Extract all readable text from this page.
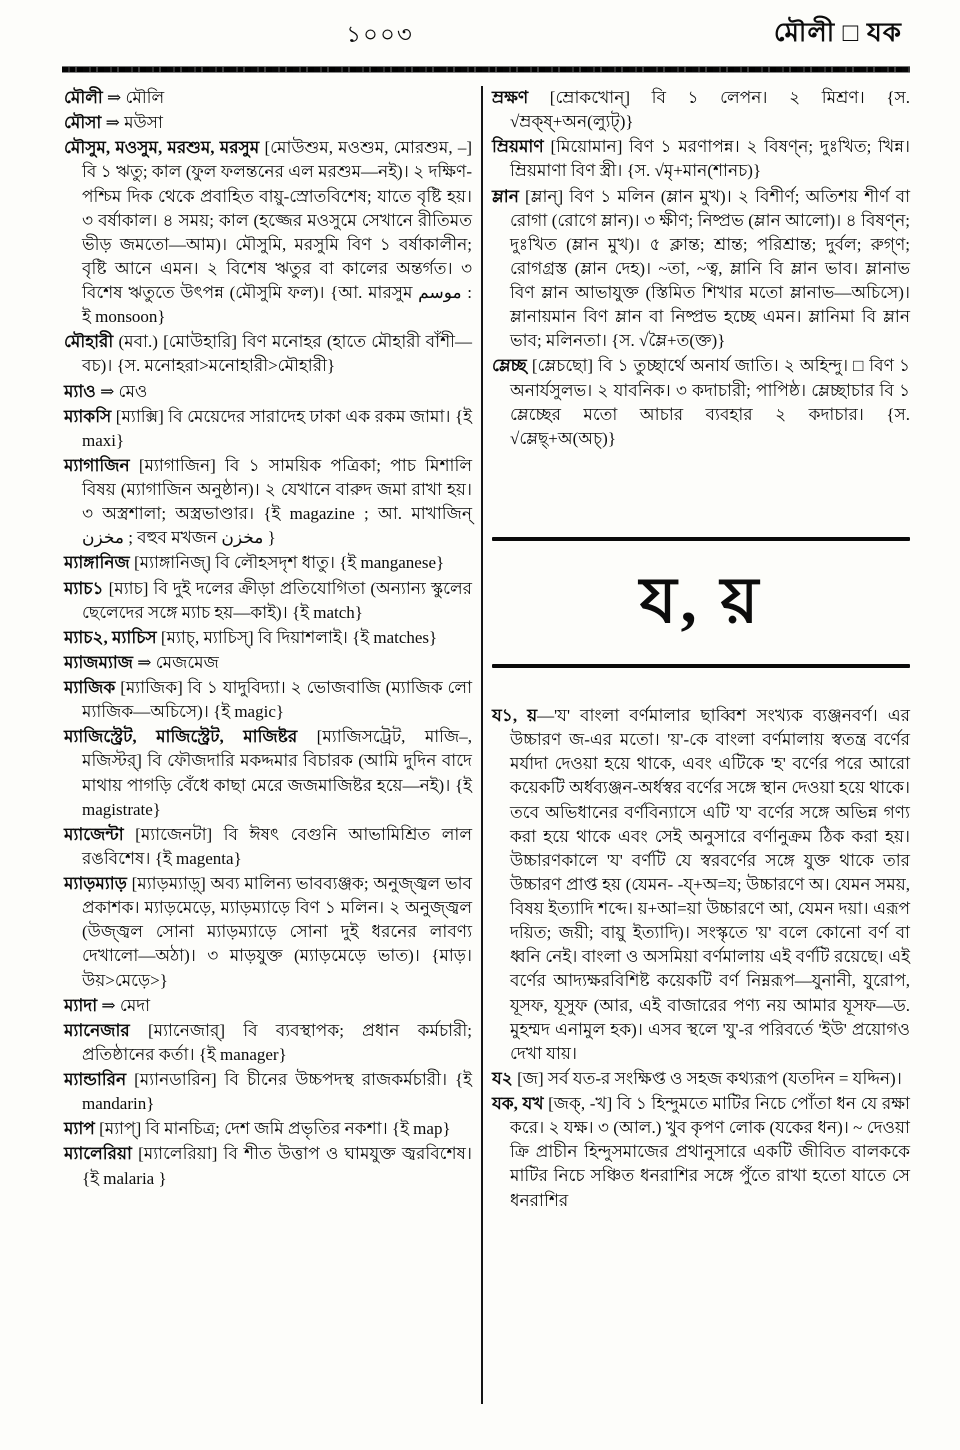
১০০৩	মৌলী □ যক
মৌলী ⇒ মৌলি
মৌসা ⇒ মউসা
মৌসুম, মওসুম, মরশুম, মরসুম [মোউশুম, মওশুম, মোরশুম, –] বি ১ ঋতু; কাল (ফুল ফলন্তনের এল মরশুম—নই)। ২ দক্ষিণ-পশ্চিম দিক থেকে প্রবাহিত বায়ু-স্রোতবিশেষ; যাতে বৃষ্টি হয়। ৩ বর্ষাকাল। ৪ সময়; কাল (হজ্জের মওসুমে সেখানে রীতিমত ভীড় জমতো—আম)। মৌসুমি, মরসুমি বিণ ১ বর্ষাকালীন; বৃষ্টি আনে এমন। ২ বিশেষ ঋতুর বা কালের অন্তর্গত। ৩ বিশেষ ঋতুতে উৎপন্ন (মৌসুমি ফল)। {আ. মারসুম موسم : ই monsoon}
মৌহারী (মবা.) [মোউহারি] বিণ মনোহর (হাতে মৌহারী বাঁশী—বচ)। {স. মনোহরা>মনোহারী>মৌহারী}
ম্যাও ⇒ মেও
ম্যাকসি [ম্যাক্সি] বি মেয়েদের সারাদেহ ঢাকা এক রকম জামা। {ই maxi}
ম্যাগাজিন [ম্যাগাজিন] বি ১ সাময়িক পত্রিকা; পাচ মিশালি বিষয় (ম্যাগাজিন অনুষ্ঠান)। ২ যেখানে বারুদ জমা রাখা হয়। ৩ অস্ত্রশালা; অস্ত্রভাণ্ডার। {ই magazine ; আ. মাখাজিন্ مخزن ; বহুব মখজন مخزن }
ম্যাঙ্গানিজ [ম্যাঙ্গানিজ্] বি লৌহসদৃশ ধাতু। {ই manganese}
ম্যাচ১ [ম্যাচ] বি দুই দলের ক্রীড়া প্রতিযোগিতা (অন্যান্য স্কুলের ছেলেদের সঙ্গে ম্যাচ হয়—কাই)। {ই match}
ম্যাচ২, ম্যাচিস [ম্যাচ্, ম্যাচিস্] বি দিয়াশলাই। {ই matches}
ম্যাজম্যাজ ⇒ মেজমেজ
ম্যাজিক [ম্যাজিক] বি ১ যাদুবিদ্যা। ২ ভোজবাজি (ম্যাজিক লো ম্যাজিক—অচিসে)। {ই magic}
ম্যাজিস্ট্রেট, মাজিস্ট্রেট, মাজিষ্টর [ম্যাজিসট্রেট, মাজি–, মজিস্টর্] বি ফৌজদারি মকদ্দমার বিচারক (আমি দুদিন বাদে মাথায় পাগড়ি বেঁধে কাছা মেরে জজমাজিষ্টর হয়ে—নই)। {ই magistrate}
ম্যাজেন্টা [ম্যাজেনটা] বি ঈষৎ বেগুনি আভামিশ্রিত লাল রঙবিশেষ। {ই magenta}
ম্যাড়ম্যাড় [ম্যাড়ম্যাড়্] অব্য মালিন্য ভাবব্যঞ্জক; অনুজ্জ্বল ভাব প্রকাশক। ম্যাড়মেড়ে, ম্যাড়ম্যাড়ে বিণ ১ মলিন। ২ অনুজ্জ্বল (উজ্জ্বল সোনা ম্যাড়ম্যাড়ে সোনা দুই ধরনের লাবণ্য দেখালো—অঠা)। ৩ মাড়যুক্ত (ম্যাড়মেড়ে ভাত)। {মাড়। উয়>মেড়ে>}
ম্যাদা ⇒ মেদা
ম্যানেজার [ম্যানেজার্] বি ব্যবস্থাপক; প্রধান কর্মচারী; প্রতিষ্ঠানের কর্তা। {ই manager}
ম্যান্ডারিন [ম্যানডারিন] বি চীনের উচ্চপদস্থ রাজকর্মচারী। {ই mandarin}
ম্যাপ [ম্যাপ্] বি মানচিত্র; দেশ জমি প্রভৃতির নকশা। {ই map}
ম্যালেরিয়া [ম্যালেরিয়া] বি শীত উত্তাপ ও ঘামযুক্ত জ্বরবিশেষ। {ই malaria }
ম্রক্ষণ [ম্রোকখোন্] বি ১ লেপন। ২ মিশ্রণ। {স. √ম্রক্ষ্+অন(ল্যুট্)}
ম্রিয়মাণ [মিয়োমান] বিণ ১ মরণাপন্ন। ২ বিষণ্ন; দুঃখিত; খিন্ন। ম্রিয়মাণা বিণ স্ত্রী। {স. √মৃ+মান(শানচ)}
ম্লান [ম্লান্] বিণ ১ মলিন (ম্লান মুখ)। ২ বিশীর্ণ; অতিশয় শীর্ণ বা রোগা (রোগে ম্লান)। ৩ ক্ষীণ; নিষ্প্রভ (ম্লান আলো)। ৪ বিষণ্ন; দুঃখিত (ম্লান মুখ)। ৫ ক্লান্ত; শ্রান্ত; পরিশ্রান্ত; দুর্বল; রুগ্ণ; রোগগ্রস্ত (ম্লান দেহ)। ~তা, ~ত্ব, ম্লানি বি ম্লান ভাব। ম্লানাভ বিণ ম্লান আভাযুক্ত (স্তিমিত শিখার মতো ম্লানাভ—অচিসে)। ম্লানায়মান বিণ ম্লান বা নিষ্প্রভ হচ্ছে এমন। ম্লানিমা বি ম্লান ভাব; মলিনতা। {স. √ম্লৈ+ত(ক্ত)}
ম্লেচ্ছ [ম্লেচছো] বি ১ তুচ্ছার্থে অনার্য জাতি। ২ অহিন্দু। □ বিণ ১ অনার্যসুলভ। ২ যাবনিক। ৩ কদাচারী; পাপিষ্ঠ। ম্লেচ্ছাচার বি ১ ম্লেচ্ছের মতো আচার ব্যবহার ২ কদাচার। {স. √ম্লেছ্+অ(অচ্)}
য, য়
য১, য়—'য' বাংলা বর্ণমালার ছাব্বিশ সংখ্যক ব্যঞ্জনবর্ণ। এর উচ্চারণ জ-এর মতো। 'য়'-কে বাংলা বর্ণমালায় স্বতন্ত্র বর্ণের মর্যাদা দেওয়া হয়ে থাকে, এবং এটিকে 'হ' বর্ণের পরে আরো কয়েকটি অর্ধব্যঞ্জন-অর্ধস্বর বর্ণের সঙ্গে স্থান দেওয়া হয়ে থাকে। তবে অভিধানের বর্ণবিন্যাসে এটি 'য' বর্ণের সঙ্গে অভিন্ন গণ্য করা হয়ে থাকে এবং সেই অনুসারে বর্ণানুক্রম ঠিক করা হয়। উচ্চারণকালে 'য' বর্ণটি যে স্বরবর্ণের সঙ্গে যুক্ত থাকে তার উচ্চারণ প্রাপ্ত হয় (যেমন- -য্+অ=য; উচ্চারণে অ। যেমন সময়, বিষয় ইত্যাদি শব্দে। য়+আ=য়া উচ্চারণে আ, যেমন দয়া। এরূপ দয়িত; জয়ী; বায়ু ইত্যাদি)। সংস্কৃতে 'য়' বলে কোনো বর্ণ বা ধ্বনি নেই। বাংলা ও অসমিয়া বর্ণমালায় এই বর্ণটি রয়েছে। এই বর্ণের আদ্যক্ষরবিশিষ্ট কয়েকটি বর্ণ নিম্নরূপ—যুনানী, যুরোপ, যূসফ, যূসুফ (আর, এই বাজারের পণ্য নয় আমার যূসফ—ড. মুহম্মদ এনামুল হক)। এসব স্থলে 'যু'-র পরিবর্তে 'ইউ' প্রয়োগও দেখা যায়।
য২ [জ] সর্ব যত-র সংক্ষিপ্ত ও সহজ কথ্যরূপ (যতদিন = যদ্দিন)।
যক, যখ [জক্, -খ] বি ১ হিন্দুমতে মাটির নিচে পোঁতা ধন যে রক্ষা করে। ২ যক্ষ। ৩ (আল.) খুব কৃপণ লোক (যকের ধন)। ~ দেওয়া ক্রি প্রাচীন হিন্দুসমাজের প্রথানুসারে একটি জীবিত বালককে মাটির নিচে সঞ্চিত ধনরাশির সঙ্গে পুঁতে রাখা হতো যাতে সে ধনরাশির
